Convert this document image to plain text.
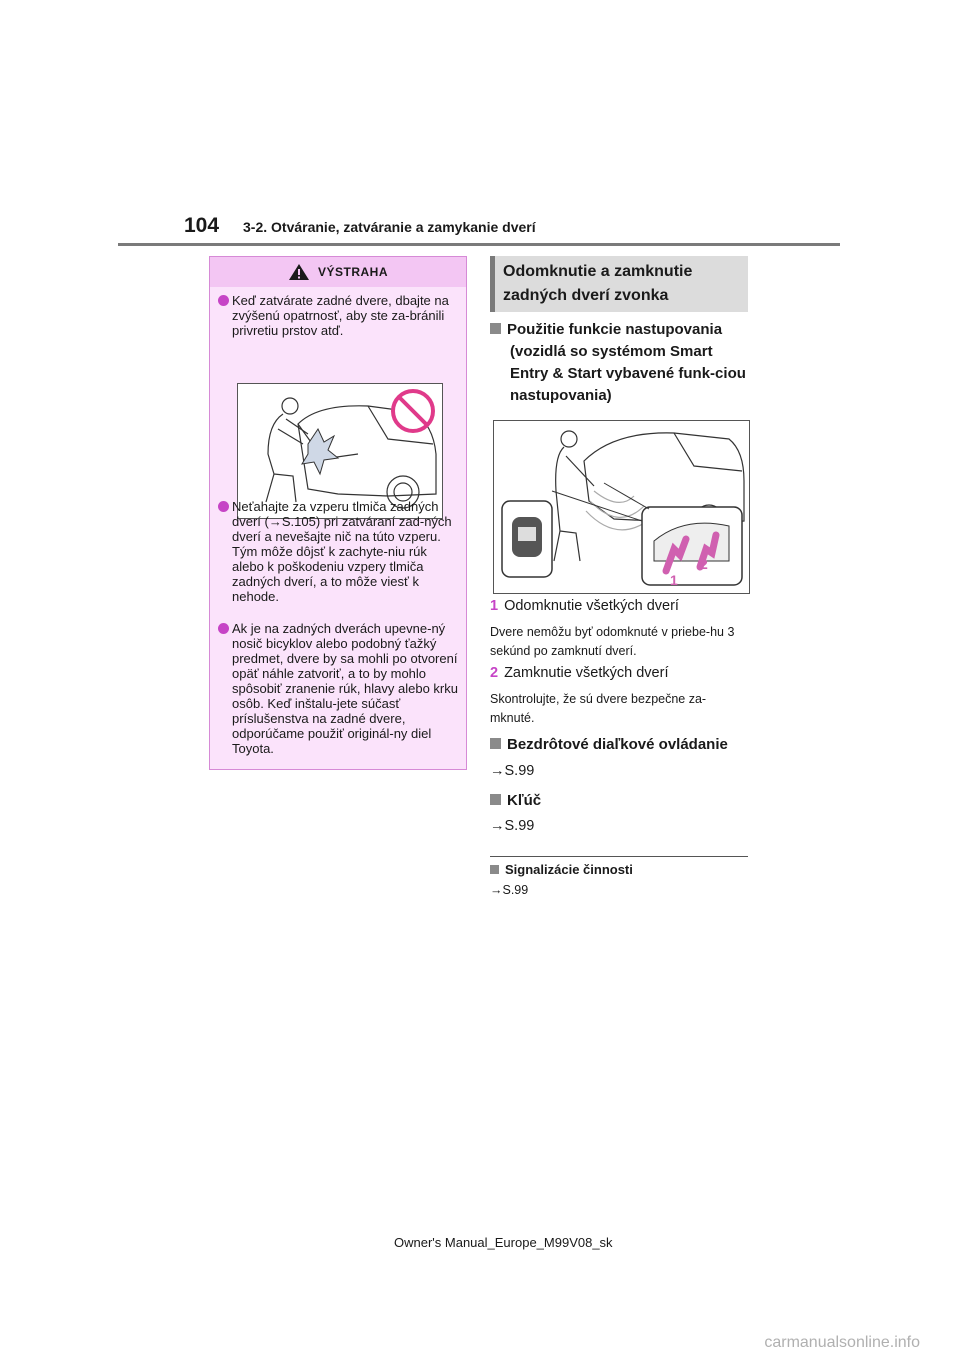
104 3-2. Otváranie, zatváranie a zamykanie dverí
VÝSTRAHA
Keď zatvárate zadné dvere, dbajte na zvýšenú opatrnosť, aby ste za-bránili privretiu prstov atď.
Neťahajte za vzperu tlmiča zadných dverí (→S.105) pri zatváraní zad-ných dverí a nevešajte nič na túto vzperu. Tým môže dôjsť k zachyte-niu rúk alebo k poškodeniu vzpery tlmiča zadných dverí, a to môže viesť k nehode.
Ak je na zadných dverách upevne-ný nosič bicyklov alebo podobný ťažký predmet, dvere by sa mohli po otvorení opäť náhle zatvoriť, a to by mohlo spôsobiť zranenie rúk, hlavy alebo krku osôb. Keď inštalu-jete súčasť príslušenstva na zadné dvere, odporúčame použiť originál-ny diel Toyota.
Odomknutie a zamknutie zadných dverí zvonka
Použitie funkcie nastupovania
(vozidlá so systémom Smart Entry & Start vybavené funk-ciou nastupovania)
1
2
1 Odomknutie všetkých dverí
Dvere nemôžu byť odomknuté v priebe-hu 3 sekúnd po zamknutí dverí.
2 Zamknutie všetkých dverí
Skontrolujte, že sú dvere bezpečne za-mknuté.
Bezdrôtové diaľkové ovládanie
→S.99
Kľúč
→S.99
Signalizácie činnosti
→S.99
Owner's Manual_Europe_M99V08_sk
carmanualsonline.info
